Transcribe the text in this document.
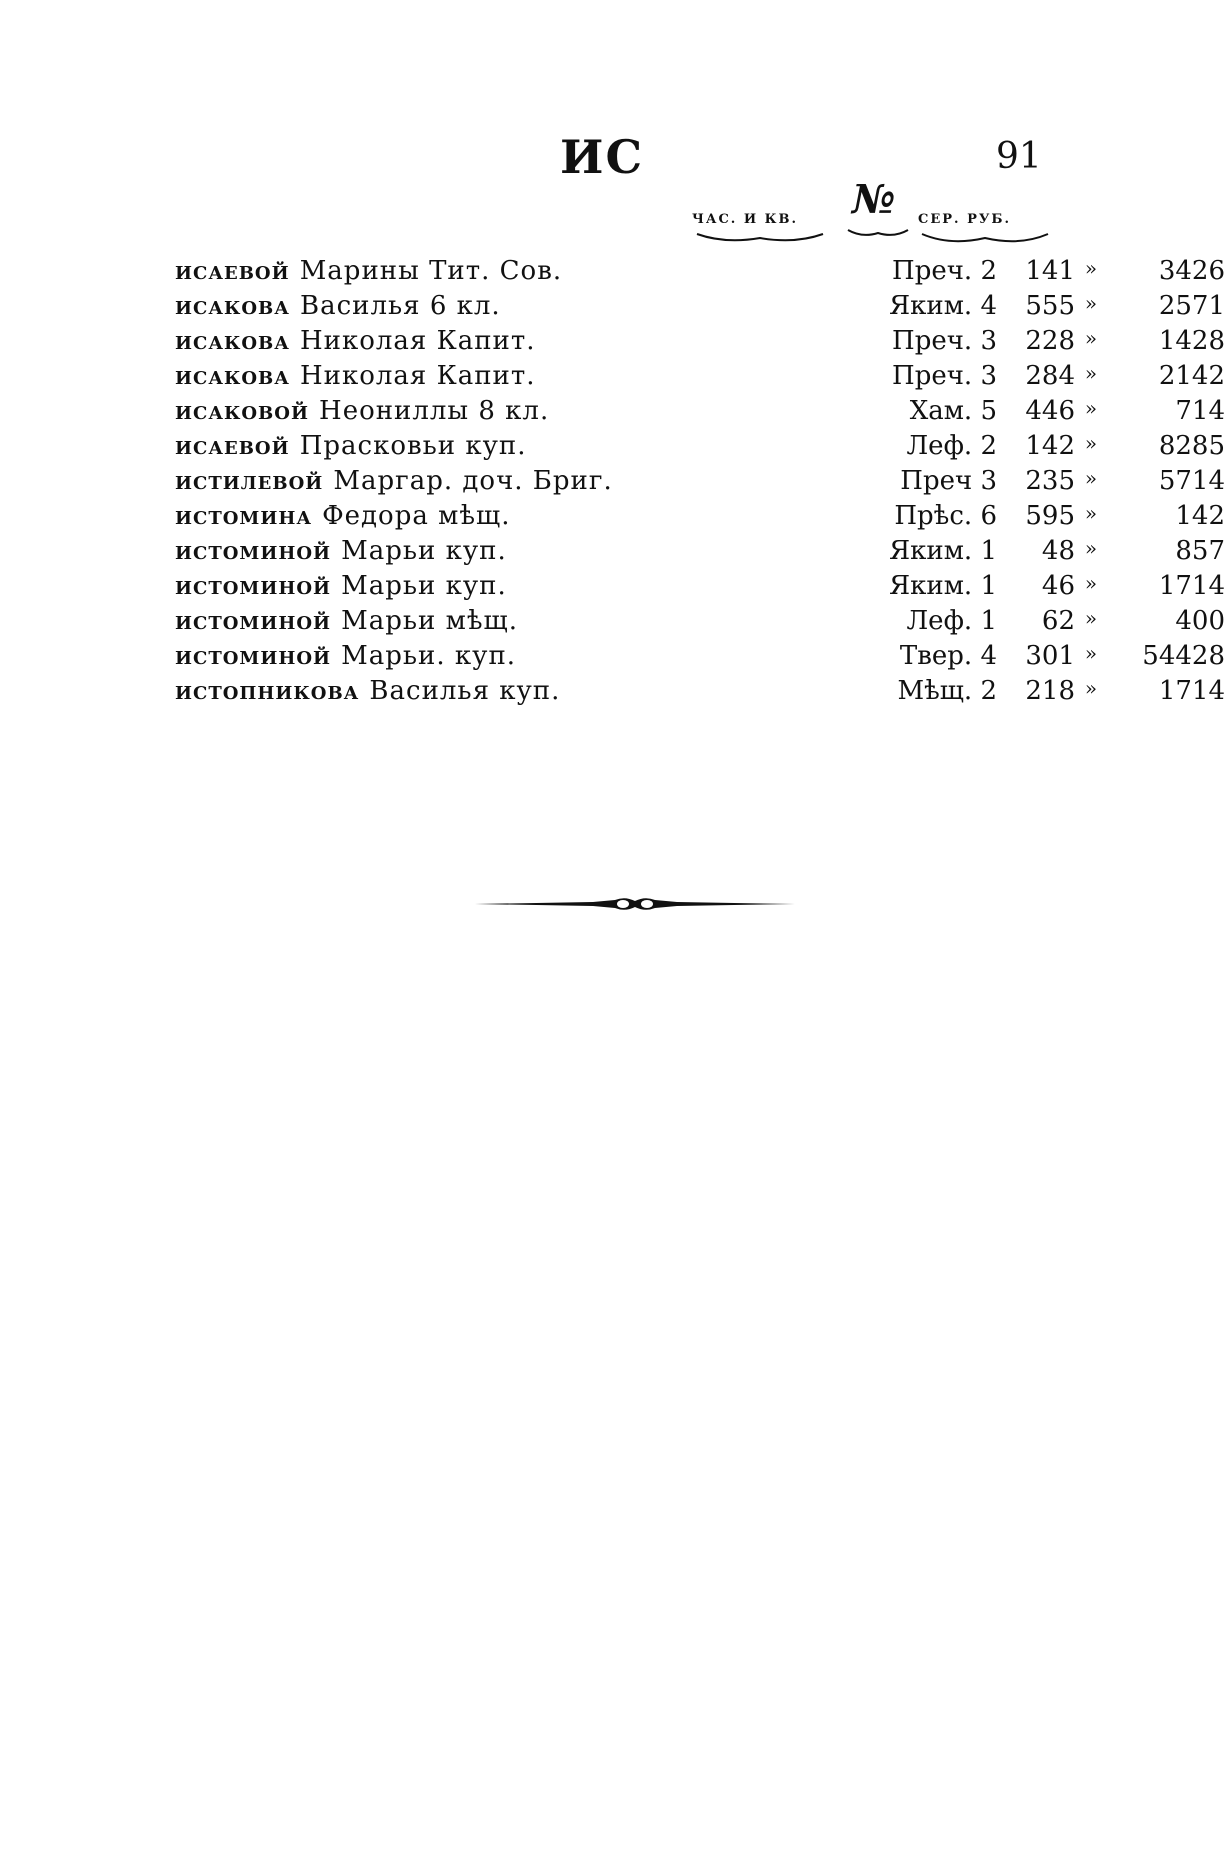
ИС	91
ЧАС. И КВ. № СЕР. РУБ.
исаевой Марины Тит. Сов.	Преч. 2	141 »	3426
исакова Василья 6 кл.	Яким. 4	555 »	2571
исакова Николая Капит.	Преч. 3	228 »	1428
исакова Николая Капит.	Преч. 3	284 »	2142
исаковой Неониллы 8 кл.	Хам. 5	446 »	714
исаевой Прасковьи куп.	Леф. 2	142 »	8285
истилевой Маргар. доч. Бриг.	Преч 3	235 »	5714
истомина Федора мѣщ.	Прѣс. 6	595 »	142
истоминой Марьи куп.	Яким. 1	48 »	857
истоминой Марьи куп.	Яким. 1	46 »	1714
истоминой Марьи мѣщ.	Леф. 1	62 »	400
истоминой Марьи. куп.	Твер. 4	301 »	54428
истопникова Василья куп.	Мѣщ. 2	218 »	1714
